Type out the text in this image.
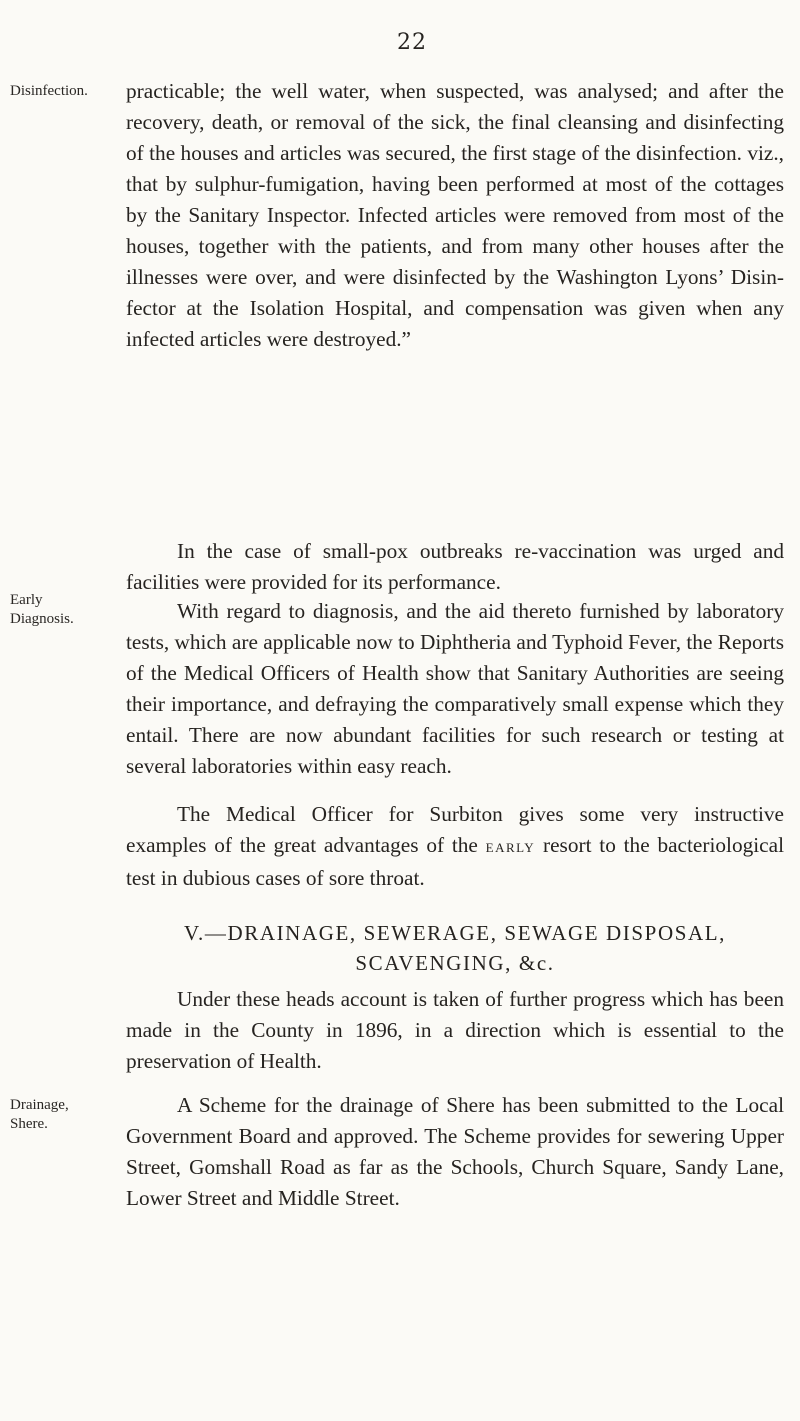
22
Disinfection.
Early
Diagnosis.
Drainage,
Shere.

practicable; the well water, when suspected, was analysed; and after the recovery, death, or removal of the sick, the final cleansing and disinfecting of the houses and articles was secured, the first stage of the disinfection. viz., that by sulphur-fumigation, having been performed at most of the cottages by the Sanitary Inspector. Infected articles were removed from most of the houses, together with the patients, and from many other houses after the illnesses were over, and were disinfected by the Washington Lyons’ Disinfector at the Isolation Hospital, and compensation was given when any infected articles were destroyed.”

In the case of small-pox outbreaks re-vaccination was urged and facilities were provided for its performance.

With regard to diagnosis, and the aid thereto furnished by laboratory tests, which are applicable now to Diphtheria and Typhoid Fever, the Reports of the Medical Officers of Health show that Sanitary Authorities are seeing their importance, and defraying the comparatively small expense which they entail. There are now abundant facilities for such research or testing at several laboratories within easy reach.

The Medical Officer for Surbiton gives some very instructive examples of the great advantages of the EARLY resort to the bacteriological test in dubious cases of sore throat.

V.—DRAINAGE, SEWERAGE, SEWAGE DISPOSAL,
SCAVENGING, &c.

Under these heads account is taken of further progress which has been made in the County in 1896, in a direction which is essential to the preservation of Health.

A Scheme for the drainage of Shere has been submitted to the Local Government Board and approved. The Scheme provides for sewering Upper Street, Gomshall Road as far as the Schools, Church Square, Sandy Lane, Lower Street and Middle Street.
